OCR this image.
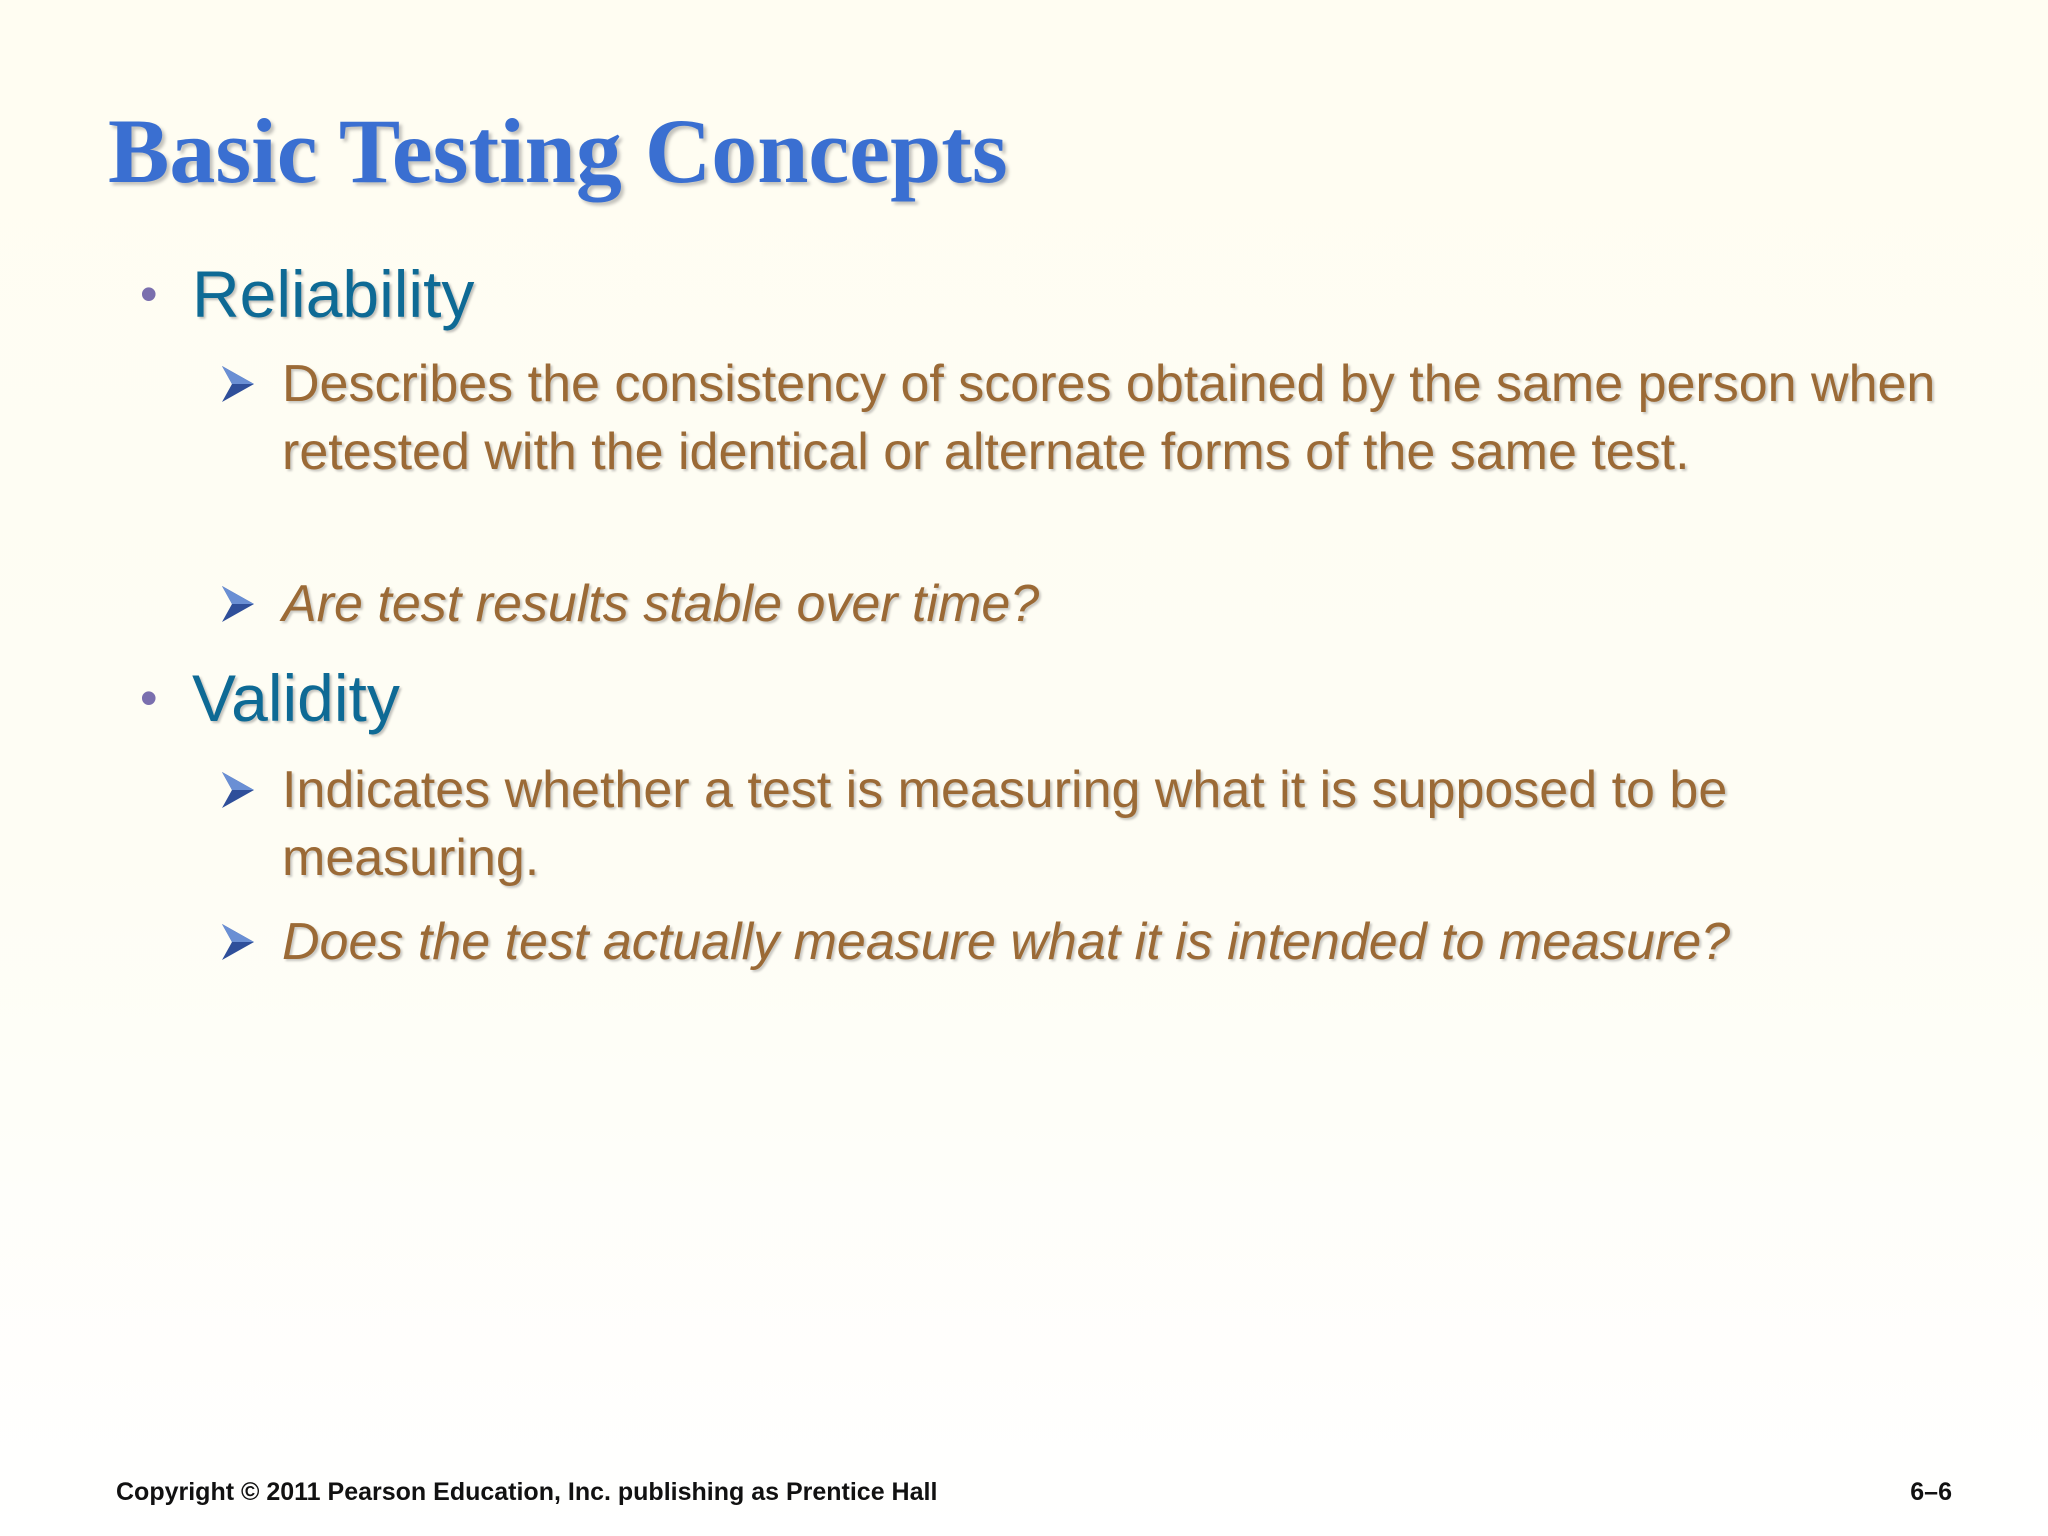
Basic Testing Concepts
• Reliability
Describes the consistency of scores obtained by the same person when retested with the identical or alternate forms of the same test.
Are test results stable over time?
• Validity
Indicates whether a test is measuring what it is supposed to be measuring.
Does the test actually measure what it is intended to measure?
Copyright © 2011 Pearson Education, Inc. publishing as Prentice Hall	6–6
